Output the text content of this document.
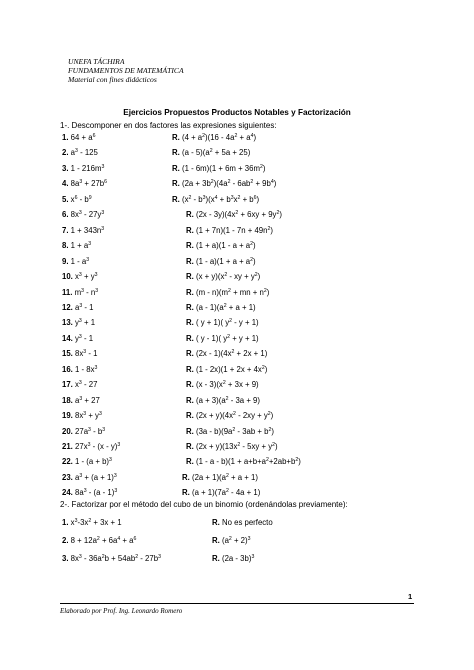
UNEFA TÁCHIRA
FUNDAMENTOS DE MATEMÁTICA
Material con fines didácticos
Ejercicios Propuestos Productos Notables y Factorización
1-. Descomponer en dos factores las expresiones siguientes:
1. $64 + a^6$	R. $(4 + a^2)(16 - 4a^2 + a^4)$
2. $a^3 - 125$	R. $(a - 5)(a^2 + 5a + 25)$
3. $1 - 216m^3$	R. $(1 - 6m)(1 + 6m + 36m^2)$
4. $8a^3 + 27b^6$	R. $(2a + 3b^2)(4a^2 - 6ab^2 + 9b^4)$
5. $x^6 - b^9$	R. $(x^2 - b^3)(x^4 + b^3x^2 + b^6)$
6. $8x^3 - 27y^3$	R. $(2x - 3y)(4x^2 + 6xy + 9y^2)$
7. $1 + 343n^3$	R. $(1 + 7n)(1 - 7n + 49n^2)$
8. $1 + a^3$	R. $(1 + a)(1 - a + a^2)$
9. $1 - a^3$	R. $(1 - a)(1 + a + a^2)$
10. $x^3 + y^3$	R. $(x + y)(x^2$ - xy + $y^2$)
11. $m^3 - n^3$	R. $(m - n)(m^2$ + mn + $n^2$)
12. $a^3 - 1$	R. $(a - 1)(a^2 + a + 1)$
13. $y^3 + 1$	R. ( y + 1)( $y^2 - y + 1$)
14. $y^3 - 1$	R. ( y - 1)( $y^2 + y + 1$)
15. $8x^3 - 1$	R. $(2x - 1)(4x^2 + 2x + 1)$
16. $1 - 8x^3$	R. $(1 - 2x)(1 + 2x + 4x^2)$
17. $x^3 - 27$	R. $(x - 3)(x^2 + 3x + 9)$
18. $a^3 + 27$	R. $(a + 3)(a^2 - 3a + 9)$
19. $8x^3 + y^3$	R. $(2x + y)(4x^2 - 2xy + y^2)$
20. $27a^3 - b^3$	R. $(3a - b)(9a^2 - 3ab + b^2)$
21. $27x^3 - (x - y)^3$	R. $(2x + y)(13x^2 - 5xy + y^2)$
22. $1 - (a + b)^3$	R. $(1 - a - b)(1 + a+b+a^2+2ab+b^2)$
23. $a^3 + (a + 1)^3$	R. $(2a + 1)(a^2 + a + 1)$
24. $8a^3 - (a - 1)^3$	R. $(a + 1)(7a^2 - 4a + 1)$
2-. Factorizar por el método del cubo de un binomio (ordenándolas previamente):
1. $x^3-3x^2 + 3x + 1$	R. No es perfecto
2. $8 + 12a^2 + 6a^4 + a^6$	R. $(a^2 + 2)^3$
3. $8x^3 - 36a^2b + 54ab^2 - 27b^3$	R. (2a - 3b)$^3$
1
Elaborado por Prof. Ing. Leonardo Romero
